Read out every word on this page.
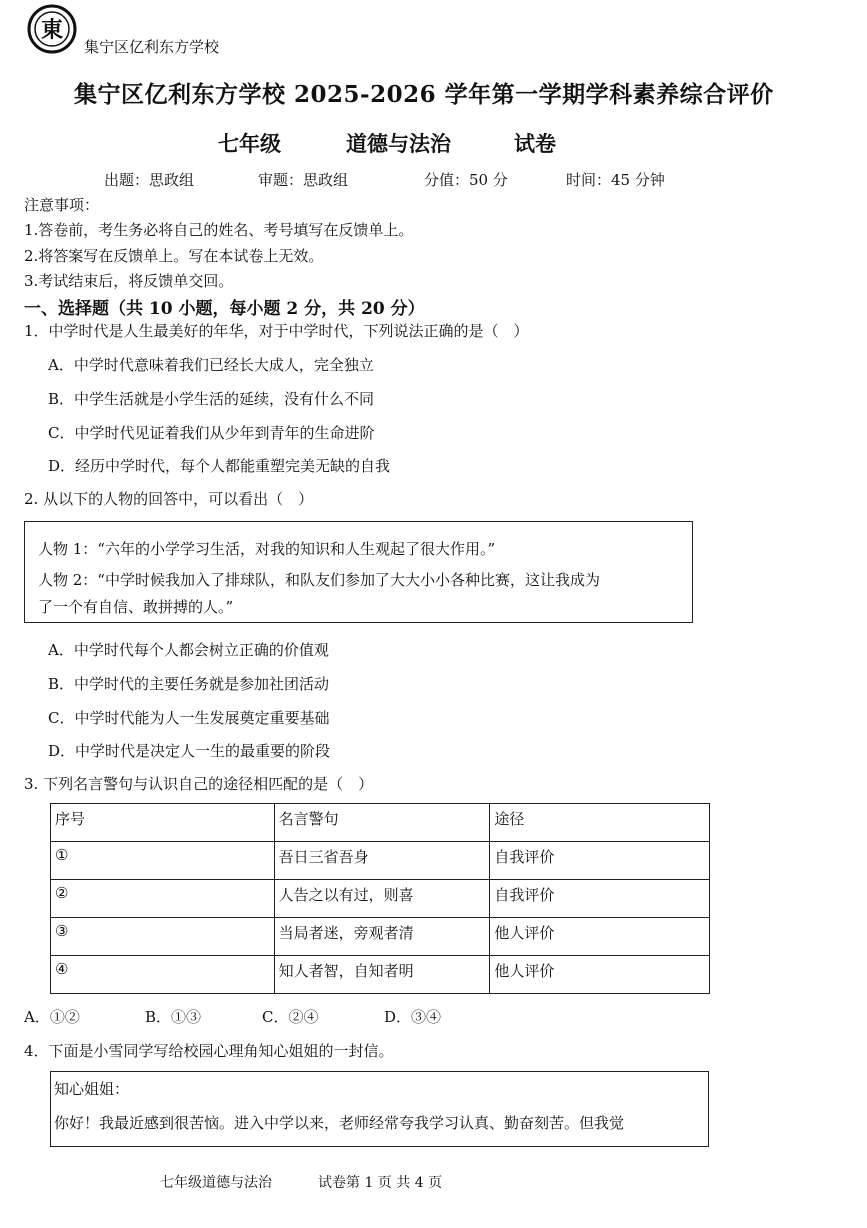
東
集宁区亿利东方学校
集宁区亿利东方学校 2025-2026 学年第一学期学科素养综合评价
七年级	道德与法治	试卷
出题：思政组	审题：思政组	分值：50 分	时间：45 分钟
注意事项：
1.答卷前，考生务必将自己的姓名、考号填写在反馈单上。
2.将答案写在反馈单上。写在本试卷上无效。
3.考试结束后，将反馈单交回。
一、选择题（共 10 小题，每小题 2 分，共 20 分）
1．中学时代是人生最美好的年华，对于中学时代，下列说法正确的是（　）
A．中学时代意味着我们已经长大成人，完全独立
B．中学生活就是小学生活的延续，没有什么不同
C．中学时代见证着我们从少年到青年的生命进阶
D．经历中学时代，每个人都能重塑完美无缺的自我
2. 从以下的人物的回答中，可以看出（　）
人物 1：“六年的小学学习生活，对我的知识和人生观起了很大作用。”
人物 2：“中学时候我加入了排球队，和队友们参加了大大小小各种比赛，这让我成为
了一个有自信、敢拼搏的人。”
A．中学时代每个人都会树立正确的价值观
B．中学时代的主要任务就是参加社团活动
C．中学时代能为人一生发展奠定重要基础
D．中学时代是决定人一生的最重要的阶段
3. 下列名言警句与认识自己的途径相匹配的是（　）
序号	名言警句	途径
①	吾日三省吾身	自我评价
②	人告之以有过，则喜	自我评价
③	当局者迷，旁观者清	他人评价
④	知人者智，自知者明	他人评价
A．①②	B．①③	C．②④	D．③④
4．下面是小雪同学写给校园心理角知心姐姐的一封信。
知心姐姐：
你好！我最近感到很苦恼。进入中学以来，老师经常夸我学习认真、勤奋刻苦。但我觉
七年级道德与法治	试卷第 1 页 共 4 页
